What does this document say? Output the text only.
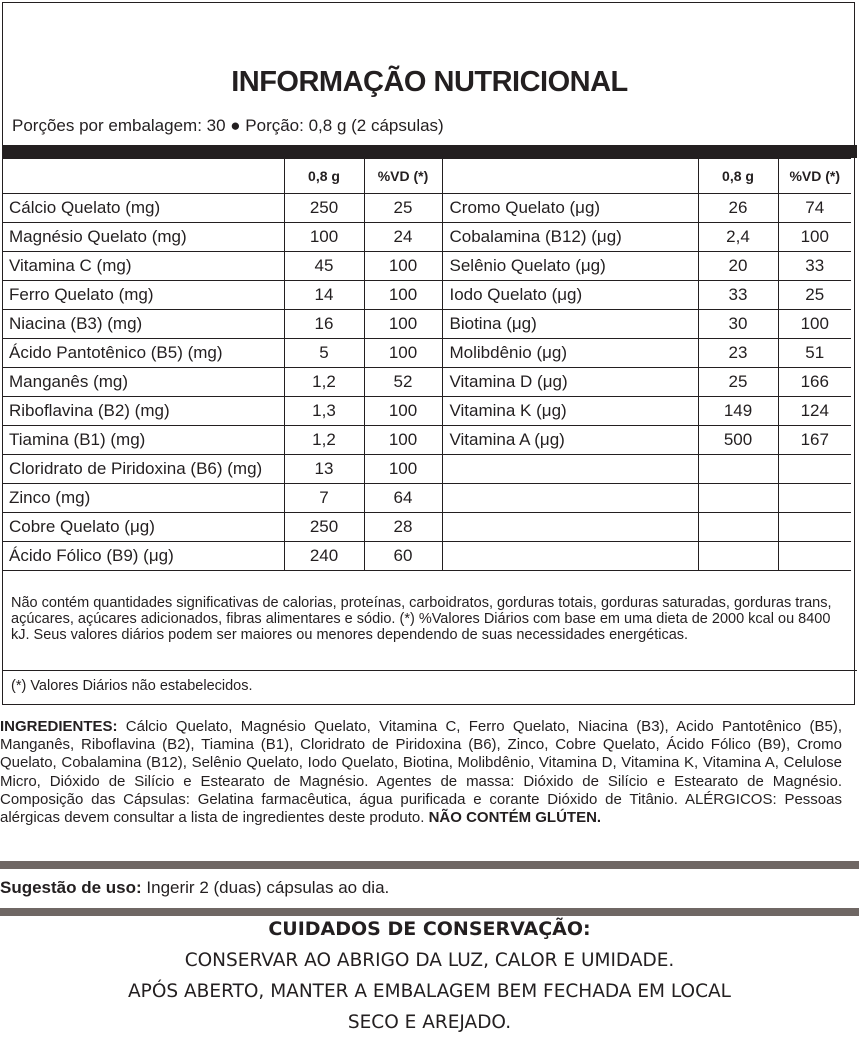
INFORMAÇÃO NUTRICIONAL
Porções por embalagem: 30 ● Porção: 0,8 g (2 cápsulas)
	0,8 g	%VD (*)		0,8 g	%VD (*)
Cálcio Quelato (mg)	250	25	Cromo Quelato (μg)	26	74
Magnésio Quelato (mg)	100	24	Cobalamina (B12) (μg)	2,4	100
Vitamina C (mg)	45	100	Selênio Quelato (μg)	20	33
Ferro Quelato (mg)	14	100	Iodo Quelato (μg)	33	25
Niacina (B3) (mg)	16	100	Biotina (μg)	30	100
Ácido Pantotênico (B5) (mg)	5	100	Molibdênio (μg)	23	51
Manganês (mg)	1,2	52	Vitamina D (μg)	25	166
Riboflavina (B2) (mg)	1,3	100	Vitamina K (μg)	149	124
Tiamina (B1) (mg)	1,2	100	Vitamina A (μg)	500	167
Cloridrato de Piridoxina (B6) (mg)	13	100			
Zinco (mg)	7	64			
Cobre Quelato (μg)	250	28			
Ácido Fólico (B9) (μg)	240	60			
Não contém quantidades significativas de calorias, proteínas, carboidratos, gorduras totais, gorduras saturadas, gorduras trans, açúcares, açúcares adicionados, fibras alimentares e sódio. (*) %Valores Diários com base em uma dieta de 2000 kcal ou 8400 kJ. Seus valores diários podem ser maiores ou menores dependendo de suas necessidades energéticas.
(*) Valores Diários não estabelecidos.
INGREDIENTES: Cálcio Quelato, Magnésio Quelato, Vitamina C, Ferro Quelato, Niacina (B3), Acido Pantotênico (B5), Manganês, Riboflavina (B2), Tiamina (B1), Cloridrato de Piridoxina (B6), Zinco, Cobre Quelato, Ácido Fólico (B9), Cromo Quelato, Cobalamina (B12), Selênio Quelato, Iodo Quelato, Biotina, Molibdênio, Vitamina D, Vitamina K, Vitamina A, Celulose Micro, Dióxido de Silício e Estearato de Magnésio. Agentes de massa: Dióxido de Silício e Estearato de Magnésio. Composição das Cápsulas: Gelatina farmacêutica, água purificada e corante Dióxido de Titânio. ALÉRGICOS: Pessoas alérgicas devem consultar a lista de ingredientes deste produto. NÃO CONTÉM GLÚTEN.
Sugestão de uso: Ingerir 2 (duas) cápsulas ao dia.
CUIDADOS DE CONSERVAÇÃO:
CONSERVAR AO ABRIGO DA LUZ, CALOR E UMIDADE.
APÓS ABERTO, MANTER A EMBALAGEM BEM FECHADA EM LOCAL
SECO E AREJADO.
